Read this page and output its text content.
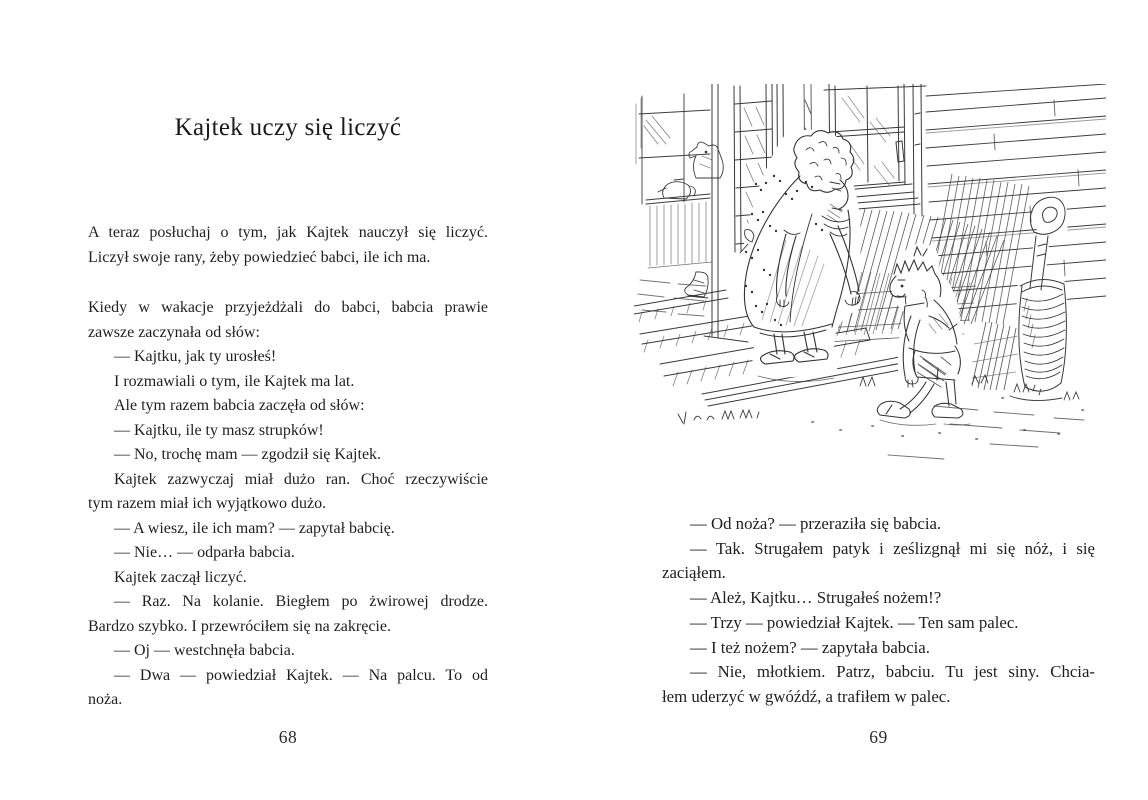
Kajtek uczy się liczyć
A teraz posłuchaj o tym, jak Kajtek nauczył się liczyć.
Liczył swoje rany, żeby powiedzieć babci, ile ich ma.
Kiedy w wakacje przyjeżdżali do babci, babcia prawie
zawsze zaczynała od słów:
— Kajtku, jak ty urosłeś!
I rozmawiali o tym, ile Kajtek ma lat.
Ale tym razem babcia zaczęła od słów:
— Kajtku, ile ty masz strupków!
— No, trochę mam — zgodził się Kajtek.
Kajtek zazwyczaj miał dużo ran. Choć rzeczywiście
tym razem miał ich wyjątkowo dużo.
— A wiesz, ile ich mam? — zapytał babcię.
— Nie… — odparła babcia.
Kajtek zaczął liczyć.
— Raz. Na kolanie. Biegłem po żwirowej drodze.
Bardzo szybko. I przewróciłem się na zakręcie.
— Oj — westchnęła babcia.
— Dwa — powiedział Kajtek. — Na palcu. To od
noża.
68
— Od noża? — przeraziła się babcia.
— Tak. Strugałem patyk i ześlizgnął mi się nóż, i się
zaciąłem.
— Ależ, Kajtku… Strugałeś nożem!?
— Trzy — powiedział Kajtek. — Ten sam palec.
— I też nożem? — zapytała babcia.
— Nie, młotkiem. Patrz, babciu. Tu jest siny. Chcia-
łem uderzyć w gwóźdź, a trafiłem w palec.
69
